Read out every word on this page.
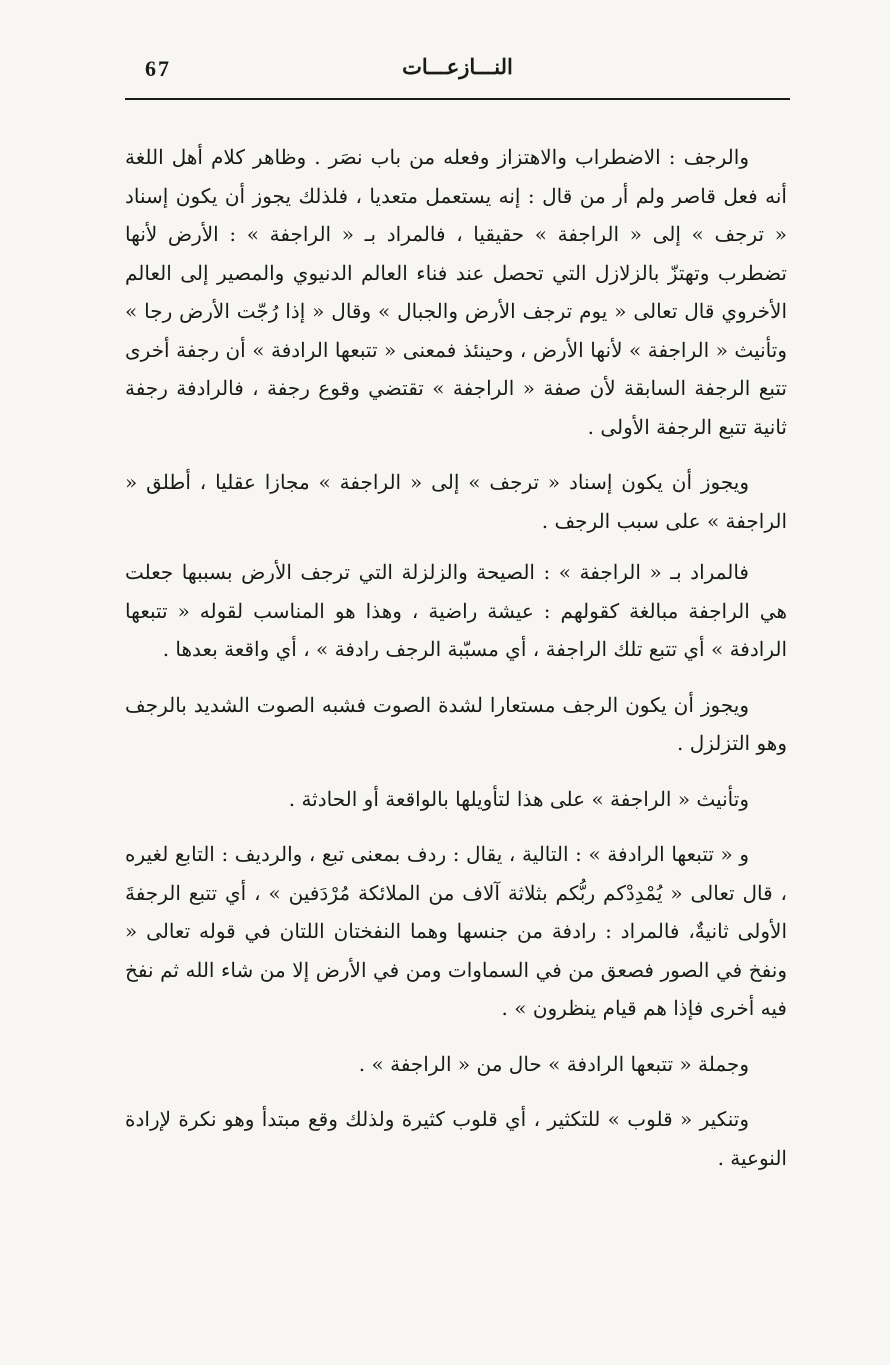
67	النـــازعـــات

والرجف : الاضطراب والاهتزاز وفعله من باب نصَر . وظاهر كلام أهل اللغة أنه فعل قاصر ولم أر من قال : إنه يستعمل متعديا ، فلذلك يجوز أن يكون إسناد « ترجف » إلى « الراجفة » حقيقيا ، فالمراد بـ « الراجفة » : الأرض لأنها تضطرب وتهتزّ بالزلازل التي تحصل عند فناء العالم الدنيوي والمصير إلى العالم الأخروي قال تعالى « يوم ترجف الأرض والجبال » وقال « إذا رُجّت الأرض رجا » وتأنيث « الراجفة » لأنها الأرض ، وحينئذ فمعنى « تتبعها الرادفة » أن رجفة أخرى تتبع الرجفة السابقة لأن صفة « الراجفة » تقتضي وقوع رجفة ، فالرادفة رجفة ثانية تتبع الرجفة الأولى .

ويجوز أن يكون إسناد « ترجف » إلى « الراجفة » مجازا عقليا ، أطلق « الراجفة » على سبب الرجف .

فالمراد بـ « الراجفة » : الصيحة والزلزلة التي ترجف الأرض بسببها جعلت هي الراجفة مبالغة كقولهم : عيشة راضية ، وهذا هو المناسب لقوله « تتبعها الرادفة » أي تتبع تلك الراجفة ، أي مسبّبة الرجف رادفة » ، أي واقعة بعدها .

ويجوز أن يكون الرجف مستعارا لشدة الصوت فشبه الصوت الشديد بالرجف وهو التزلزل .

وتأنيث « الراجفة » على هذا لتأويلها بالواقعة أو الحادثة .

و « تتبعها الرادفة » : التالية ، يقال : ردف بمعنى تبع ، والرديف : التابع لغيره ، قال تعالى « يُمْدِدْكم ربُّكم بثلاثة آلاف من الملائكة مُرْدَفين » ، أي تتبع الرجفةَ الأولى ثانيةٌ، فالمراد : رادفة من جنسها وهما النفختان اللتان في قوله تعالى « ونفخ في الصور فصعق من في السماوات ومن في الأرض إلا من شاء الله ثم نفخ فيه أخرى فإذا هم قيام ينظرون » .

وجملة « تتبعها الرادفة » حال من « الراجفة » .

وتنكير « قلوب » للتكثير ، أي قلوب كثيرة ولذلك وقع مبتدأ وهو نكرة لإرادة النوعية .
